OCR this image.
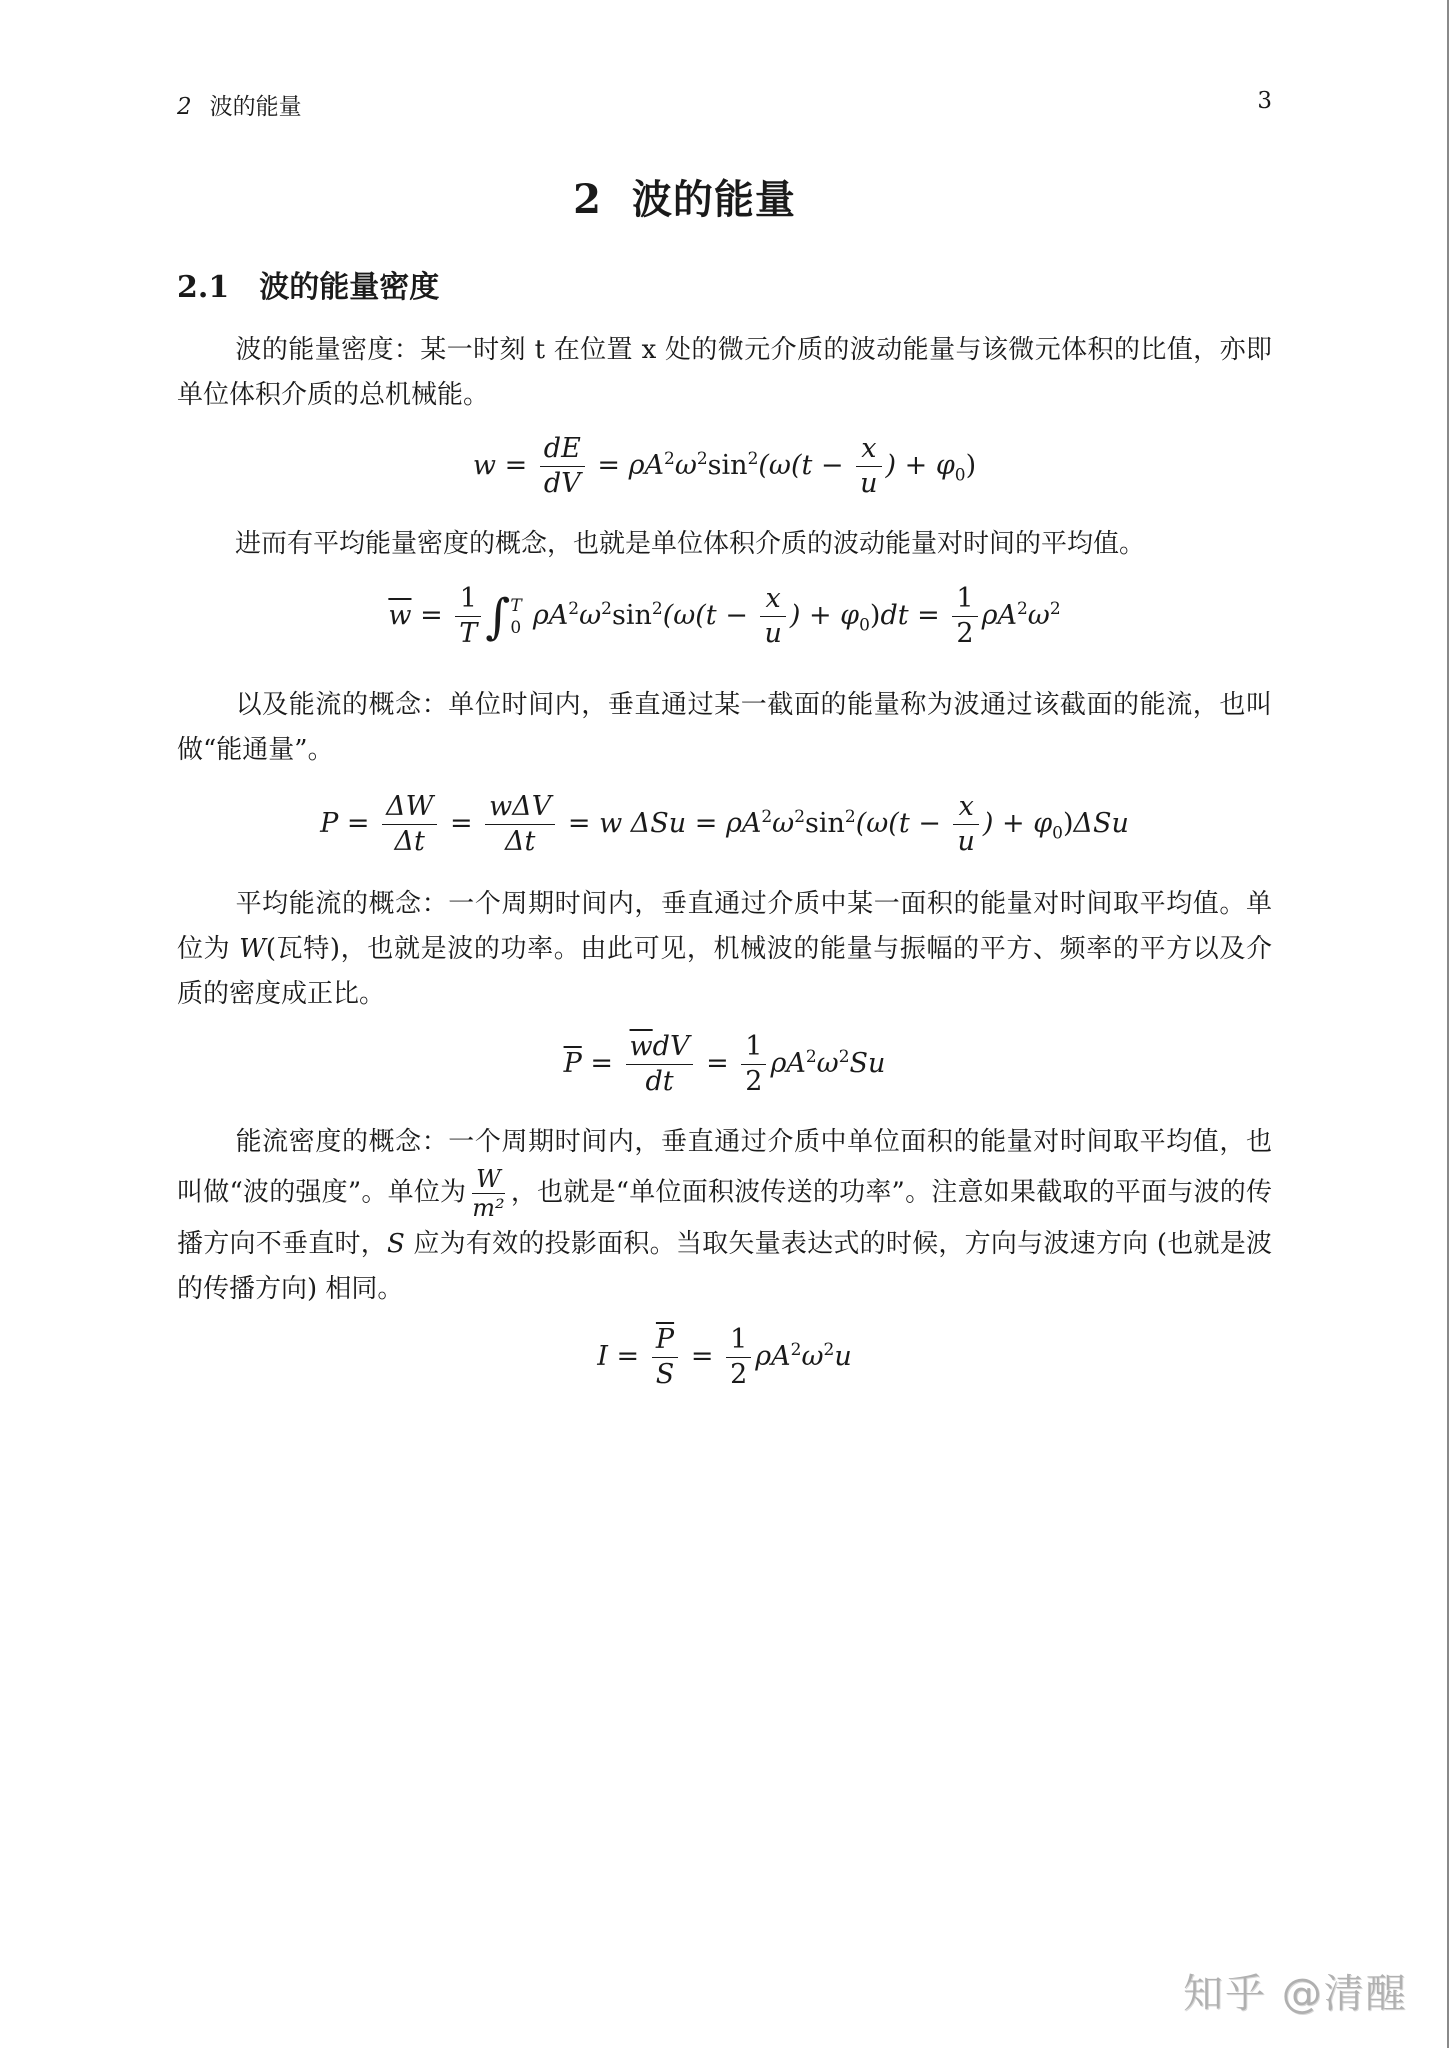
2 波的能量	3
2 波的能量
2.1 波的能量密度
波的能量密度：某一时刻 t 在位置 x 处的微元介质的波动能量与该微元体积的比值，亦即单位体积介质的总机械能。
$w = \frac{dE}{dV} = \rho A^2\omega^2\sin^2(\omega(t - \frac{x}{u}$ ) + $\varphi_0$)
进而有平均能量密度的概念，也就是单位体积介质的波动能量对时间的平均值。
$\overline{w} = \frac{1}{T}$ ∫ T
0 $\rho A^2\omega^2\sin^2(\omega(t - \frac{x}{u}$ ) + $\varphi_0)dt = \frac{1}{2} \rho A^2\omega^2$
以及能流的概念：单位时间内，垂直通过某一截面的能量称为波通过该截面的能流，也叫做“能通量”。
$P = \frac{\Delta W}{\Delta t} = \frac{\text{wΔV}}{\Delta t} = w$ $\Delta Su = \rho A^2\omega^2\sin^2(\omega(t - \frac{x}{u}$ ) + $\varphi_0)\Delta Su$
平均能流的概念：一个周期时间内，垂直通过介质中某一面积的能量对时间取平均值。单位为 W(瓦特)，也就是波的功率。由此可见，机械波的能量与振幅的平方、频率的平方以及介质的密度成正比。
$\overline{P} = \frac{\overline{w}dV}{dt} = \frac{1}{2} \rho A^2\omega^2Su$
能流密度的概念：一个周期时间内，垂直通过介质中单位面积的能量对时间取平均值，也叫做“波的强度”。单位为 $\frac{W}{\text{m²}}$ ，也就是“单位面积波传送的功率”。注意如果截取的平面与波的传播方向不垂直时，S 应为有效的投影面积。当取矢量表达式的时候，方向与波速方向 (也就是波的传播方向) 相同。
$I = \frac{\overline{P}}{S} = \frac{1}{2} \rho A^2\omega^2u$
知乎 @清醒
